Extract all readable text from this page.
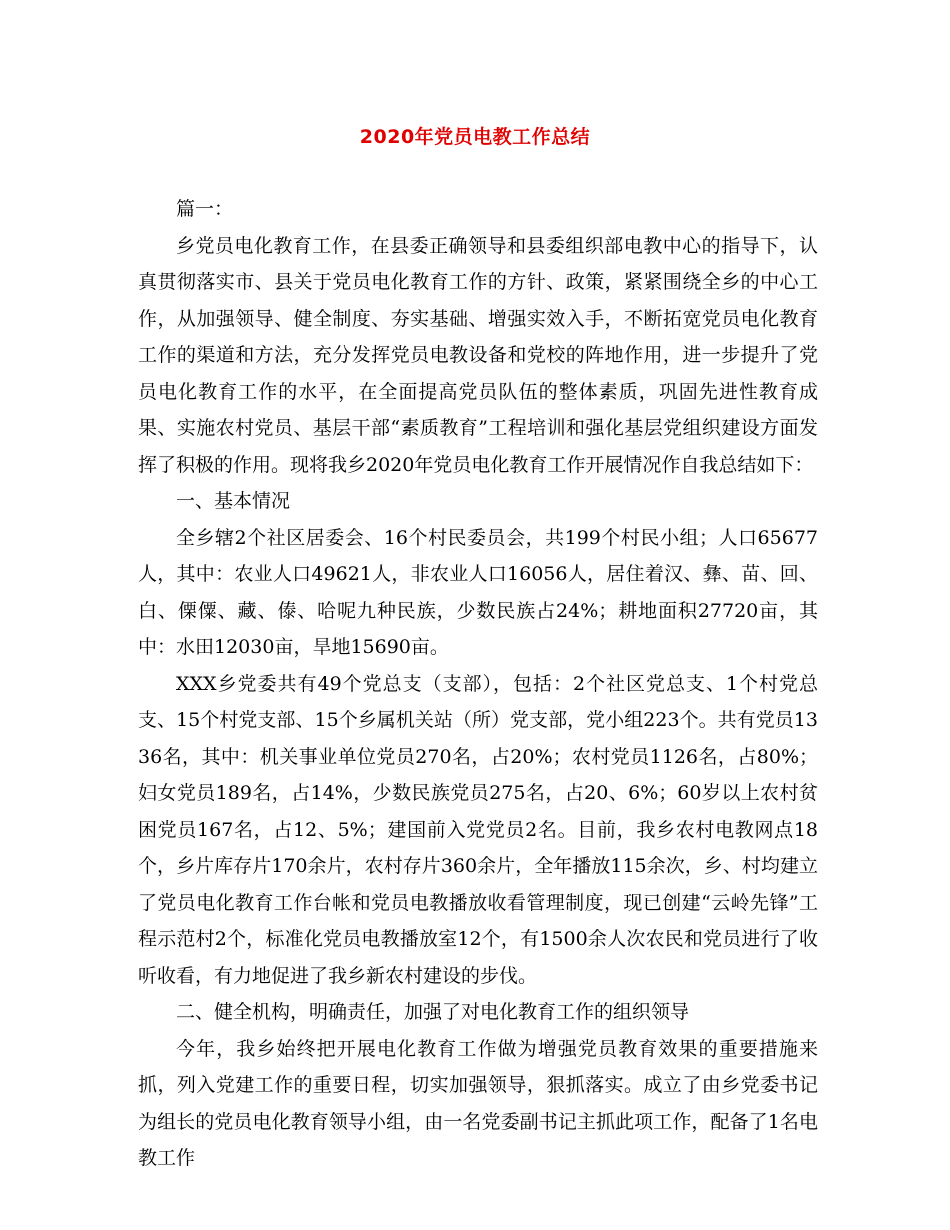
2020年党员电教工作总结

篇一：

乡党员电化教育工作，在县委正确领导和县委组织部电教中心的指导下，认真贯彻落实市、县关于党员电化教育工作的方针、政策，紧紧围绕全乡的中心工作，从加强领导、健全制度、夯实基础、增强实效入手，不断拓宽党员电化教育工作的渠道和方法，充分发挥党员电教设备和党校的阵地作用，进一步提升了党员电化教育工作的水平，在全面提高党员队伍的整体素质，巩固先进性教育成果、实施农村党员、基层干部“素质教育”工程培训和强化基层党组织建设方面发挥了积极的作用。现将我乡2020年党员电化教育工作开展情况作自我总结如下：

一、基本情况

全乡辖2个社区居委会、16个村民委员会，共199个村民小组；人口65677人，其中：农业人口49621人，非农业人口16056人，居住着汉、彝、苗、回、白、傈僳、藏、傣、哈呢九种民族，少数民族占24%；耕地面积27720亩，其中：水田12030亩，旱地15690亩。

XXX乡党委共有49个党总支（支部），包括：2个社区党总支、1个村党总支、15个村党支部、15个乡属机关站（所）党支部，党小组223个。共有党员1336名，其中：机关事业单位党员270名，占20%；农村党员1126名，占80%；妇女党员189名，占14%，少数民族党员275名，占20、6%；60岁以上农村贫困党员167名，占12、5%；建国前入党党员2名。目前，我乡农村电教网点18个，乡片库存片170余片，农村存片360余片，全年播放115余次，乡、村均建立了党员电化教育工作台帐和党员电教播放收看管理制度，现已创建“云岭先锋”工程示范村2个，标准化党员电教播放室12个，有1500余人次农民和党员进行了收听收看，有力地促进了我乡新农村建设的步伐。

二、健全机构，明确责任，加强了对电化教育工作的组织领导

今年，我乡始终把开展电化教育工作做为增强党员教育效果的重要措施来抓，列入党建工作的重要日程，切实加强领导，狠抓落实。成立了由乡党委书记为组长的党员电化教育领导小组，由一名党委副书记主抓此项工作，配备了1名电教工作
